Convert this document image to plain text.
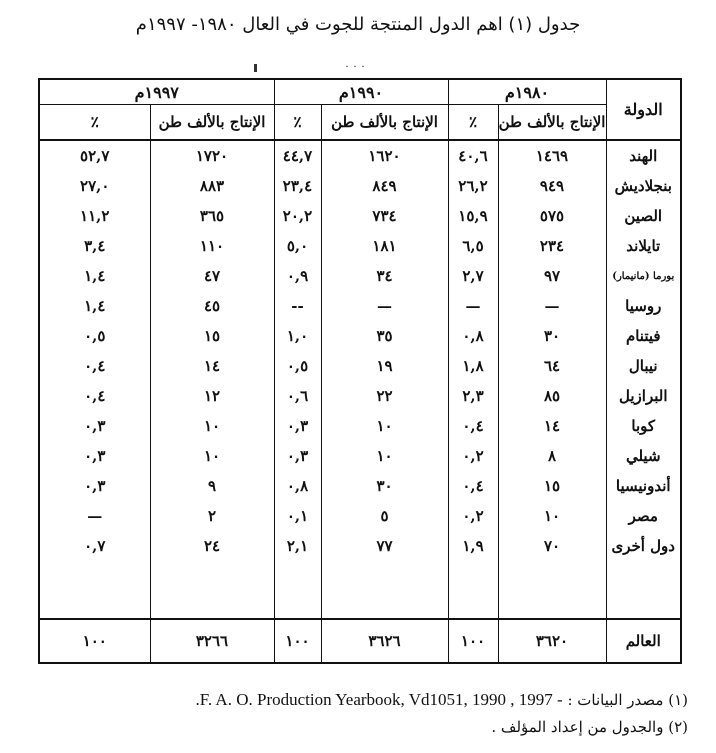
جدول (١) اهم الدول المنتجة للجوت في العال ١٩٨٠- ١٩٩٧م
˙˙˙
الدولة	١٩٨٠م		١٩٩٠م		١٩٩٧م	
	الإنتاج بالألف طن	٪	الإنتاج بالألف طن	٪	الإنتاج بالألف طن	٪
الهند	١٤٦٩	٤٠,٦	١٦٢٠	٤٤,٧	١٧٢٠	٥٢,٧
بنجلاديش	٩٤٩	٢٦,٢	٨٤٩	٢٣,٤	٨٨٣	٢٧,٠
الصين	٥٧٥	١٥,٩	٧٣٤	٢٠,٢	٣٦٥	١١,٢
تايلاند	٢٣٤	٦,٥	١٨١	٥,٠	١١٠	٣,٤
بورما (مانيمار)	٩٧	٢,٧	٣٤	٠,٩	٤٧	١,٤
روسيا	—	—	—	--	٤٥	١,٤
فيتنام	٣٠	٠,٨	٣٥	١,٠	١٥	٠,٥
نيبال	٦٤	١,٨	١٩	٠,٥	١٤	٠,٤
البرازيل	٨٥	٢,٣	٢٢	٠,٦	١٢	٠,٤
كوبا	١٤	٠,٤	١٠	٠,٣	١٠	٠,٣
شيلي	٨	٠,٢	١٠	٠,٣	١٠	٠,٣
أندونيسيا	١٥	٠,٤	٣٠	٠,٨	٩	٠,٣
مصر	١٠	٠,٢	٥	٠,١	٢	—
دول أخرى	٧٠	١,٩	٧٧	٢,١	٢٤	٠,٧

العالم	٣٦٢٠	١٠٠	٣٦٢٦	١٠٠	٣٢٦٦	١٠٠
(١) مصدر البيانات : - F. A. O. Production Yearbook, Vd1051, 1990 , 1997.
(٢) والجدول من إعداد المؤلف .
